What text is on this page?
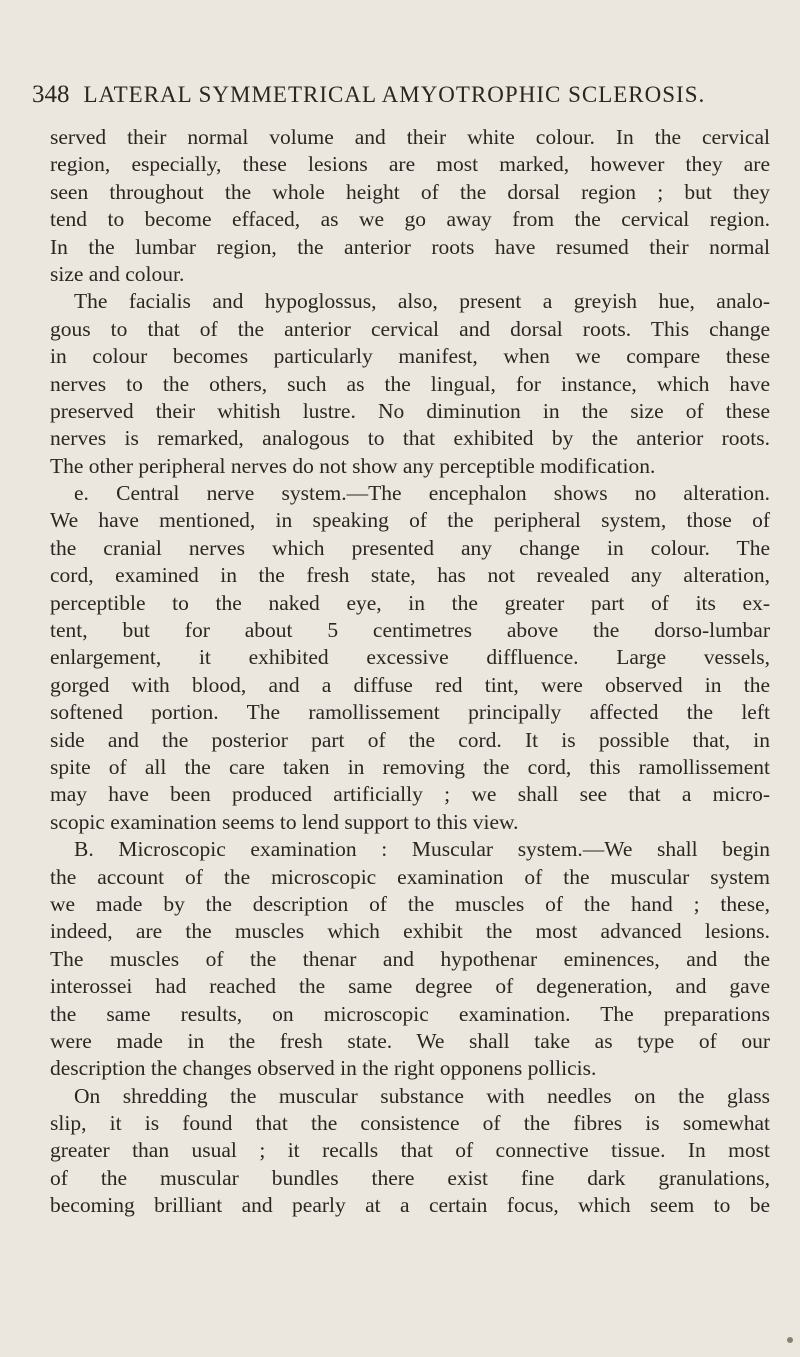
348 LATERAL SYMMETRICAL AMYOTROPHIC SCLEROSIS.
served their normal volume and their white colour. In the cervical
region, especially, these lesions are most marked, however they are
seen throughout the whole height of the dorsal region ; but they
tend to become effaced, as we go away from the cervical region.
In the lumbar region, the anterior roots have resumed their normal
size and colour.
The facialis and hypoglossus, also, present a greyish hue, analo-
gous to that of the anterior cervical and dorsal roots. This change
in colour becomes particularly manifest, when we compare these
nerves to the others, such as the lingual, for instance, which have
preserved their whitish lustre. No diminution in the size of these
nerves is remarked, analogous to that exhibited by the anterior roots.
The other peripheral nerves do not show any perceptible modification.
e. Central nerve system.—The encephalon shows no alteration.
We have mentioned, in speaking of the peripheral system, those of
the cranial nerves which presented any change in colour. The
cord, examined in the fresh state, has not revealed any alteration,
perceptible to the naked eye, in the greater part of its ex-
tent, but for about 5 centimetres above the dorso-lumbar
enlargement, it exhibited excessive diffluence. Large vessels,
gorged with blood, and a diffuse red tint, were observed in the
softened portion. The ramollissement principally affected the left
side and the posterior part of the cord. It is possible that, in
spite of all the care taken in removing the cord, this ramollissement
may have been produced artificially ; we shall see that a micro-
scopic examination seems to lend support to this view.
B. Microscopic examination : Muscular system.—We shall begin
the account of the microscopic examination of the muscular system
we made by the description of the muscles of the hand ; these,
indeed, are the muscles which exhibit the most advanced lesions.
The muscles of the thenar and hypothenar eminences, and the
interossei had reached the same degree of degeneration, and gave
the same results, on microscopic examination. The preparations
were made in the fresh state. We shall take as type of our
description the changes observed in the right opponens pollicis.
On shredding the muscular substance with needles on the glass
slip, it is found that the consistence of the fibres is somewhat
greater than usual ; it recalls that of connective tissue. In most
of the muscular bundles there exist fine dark granulations,
becoming brilliant and pearly at a certain focus, which seem to be
